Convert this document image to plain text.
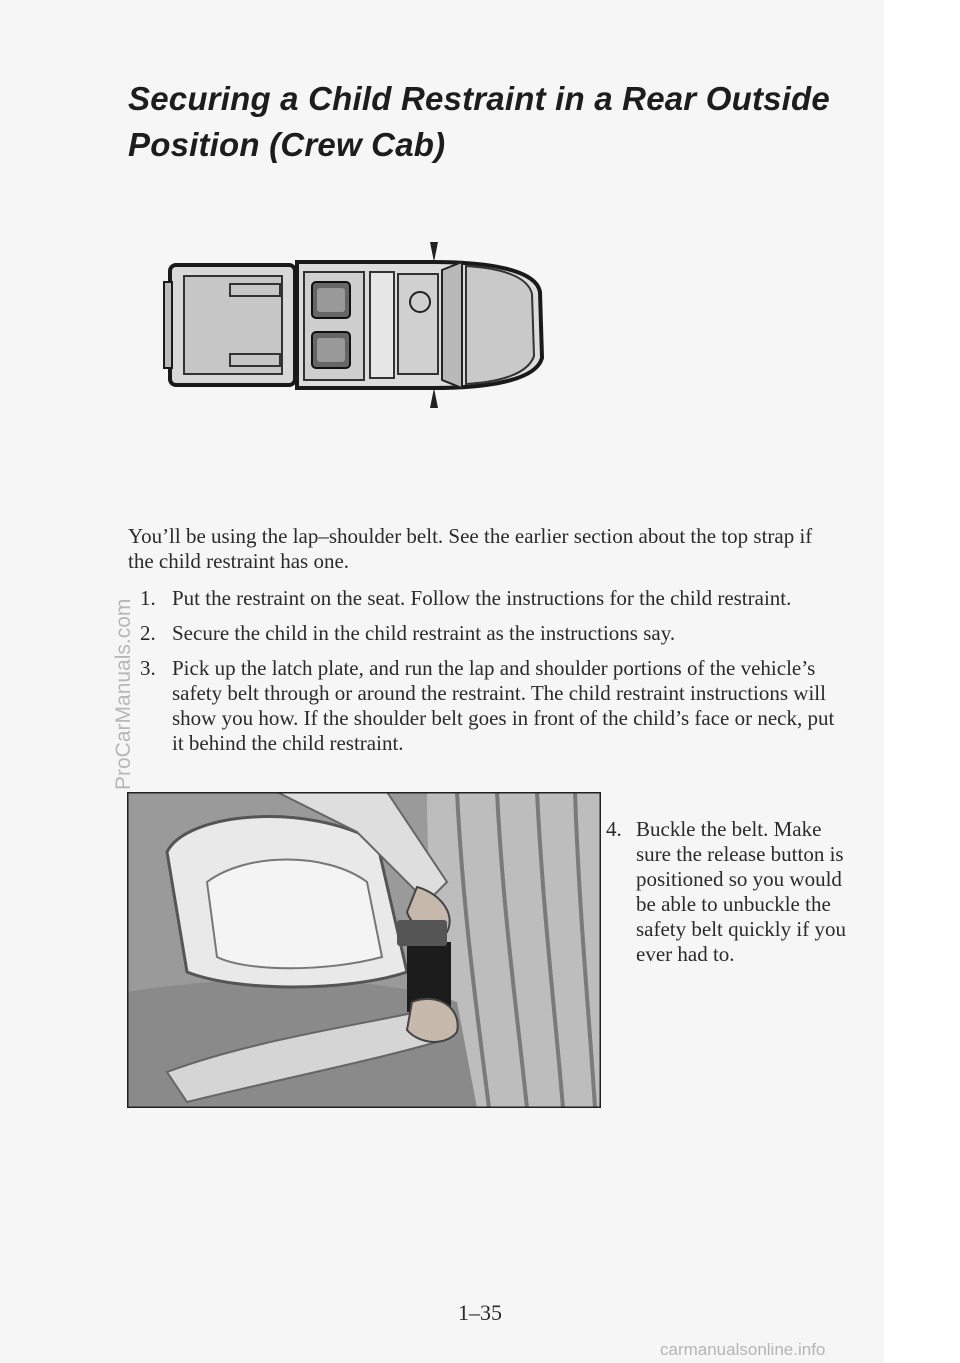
Securing a Child Restraint in a Rear Outside Position (Crew Cab)

You’ll be using the lap–shoulder belt. See the earlier section about the top strap if the child restraint has one.

1. Put the restraint on the seat. Follow the instructions for the child restraint.
2. Secure the child in the child restraint as the instructions say.
3. Pick up the latch plate, and run the lap and shoulder portions of the vehicle’s safety belt through or around the restraint. The child restraint instructions will show you how. If the shoulder belt goes in front of the child’s face or neck, put it behind the child restraint.
4. Buckle the belt. Make sure the release button is positioned so you would be able to unbuckle the safety belt quickly if you ever had to.
1–35
ProCarManuals.com
carmanualsonline.info
